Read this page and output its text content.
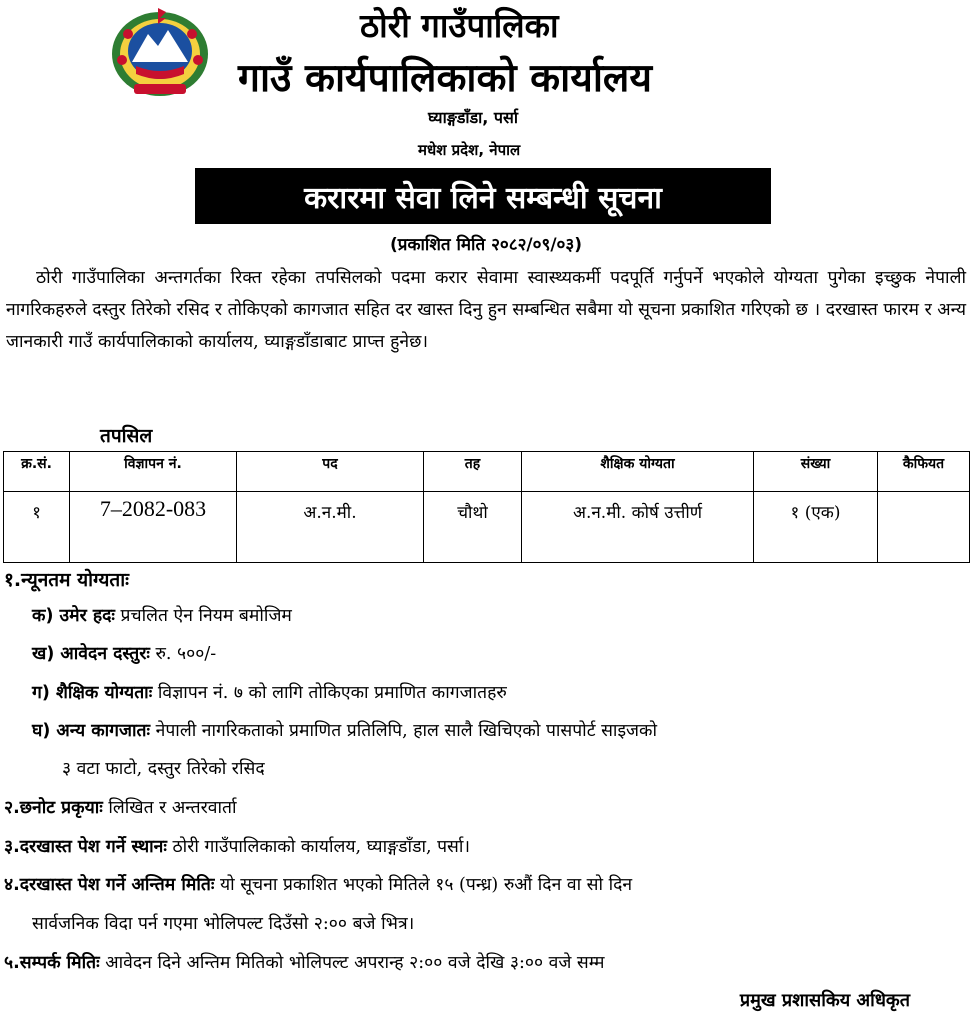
ठोरी गाउँपालिका
गाउँ कार्यपालिकाको कार्यालय
घ्याङ्गडाँडा, पर्सा
मधेश प्रदेश, नेपाल
करारमा सेवा लिने सम्बन्धी सूचना
(प्रकाशित मिति २०८२/०९/०३)
ठोरी गाउँपालिका अन्तगर्तका रिक्त रहेका तपसिलको पदमा करार सेवामा स्वास्थ्यकर्मी पदपूर्ति गर्नुपर्ने भएकोले योग्यता पुगेका इच्छुक नेपाली नागरिकहरुले दस्तुर तिरेको रसिद र तोकिएको कागजात सहित दर खास्त दिनु हुन सम्बन्धित सबैमा यो सूचना प्रकाशित गरिएको छ । दरखास्त फारम र अन्य जानकारी गाउँ कार्यपालिकाको कार्यालय, घ्याङ्गडाँडाबाट प्राप्त्त हुनेछ।
तपसिल
क्र.सं.	विज्ञापन नं.	पद	तह	शैक्षिक योग्यता	संख्या	कैफियत
१	7–2082-083	अ.न.मी.	चौथो	अ.न.मी. कोर्ष उत्तीर्ण	१ (एक)	
१.न्यूनतम योग्यताः
क) उमेर हदः प्रचलित ऐन नियम बमोजिम
ख) आवेदन दस्तुरः रु. ५००/-
ग) शैक्षिक योग्यताः विज्ञापन नं. ७ को लागि तोकिएका प्रमाणित कागजातहरु
घ) अन्य कागजातः नेपाली नागरिकताको प्रमाणित प्रतिलिपि, हाल सालै खिचिएको पासपोर्ट साइजको
३ वटा फाटो, दस्तुर तिरेको रसिद
२.छनोट प्रकृयाः लिखित र अन्तरवार्ता
३.दरखास्त पेश गर्ने स्थानः ठोरी गाउँपालिकाको कार्यालय, घ्याङ्गडाँडा, पर्सा।
४.दरखास्त पेश गर्ने अन्तिम मितिः यो सूचना प्रकाशित भएको मितिले १५ (पन्ध्र) रुऔं दिन वा सो दिन
सार्वजनिक विदा पर्न गएमा भोलिपल्ट दिउँसो २:०० बजे भित्र।
५.सम्पर्क मितिः आवेदन दिने अन्तिम मितिको भोलिपल्ट अपरान्ह २:०० वजे देखि ३:०० वजे सम्म
प्रमुख प्रशासकिय अधिकृत
